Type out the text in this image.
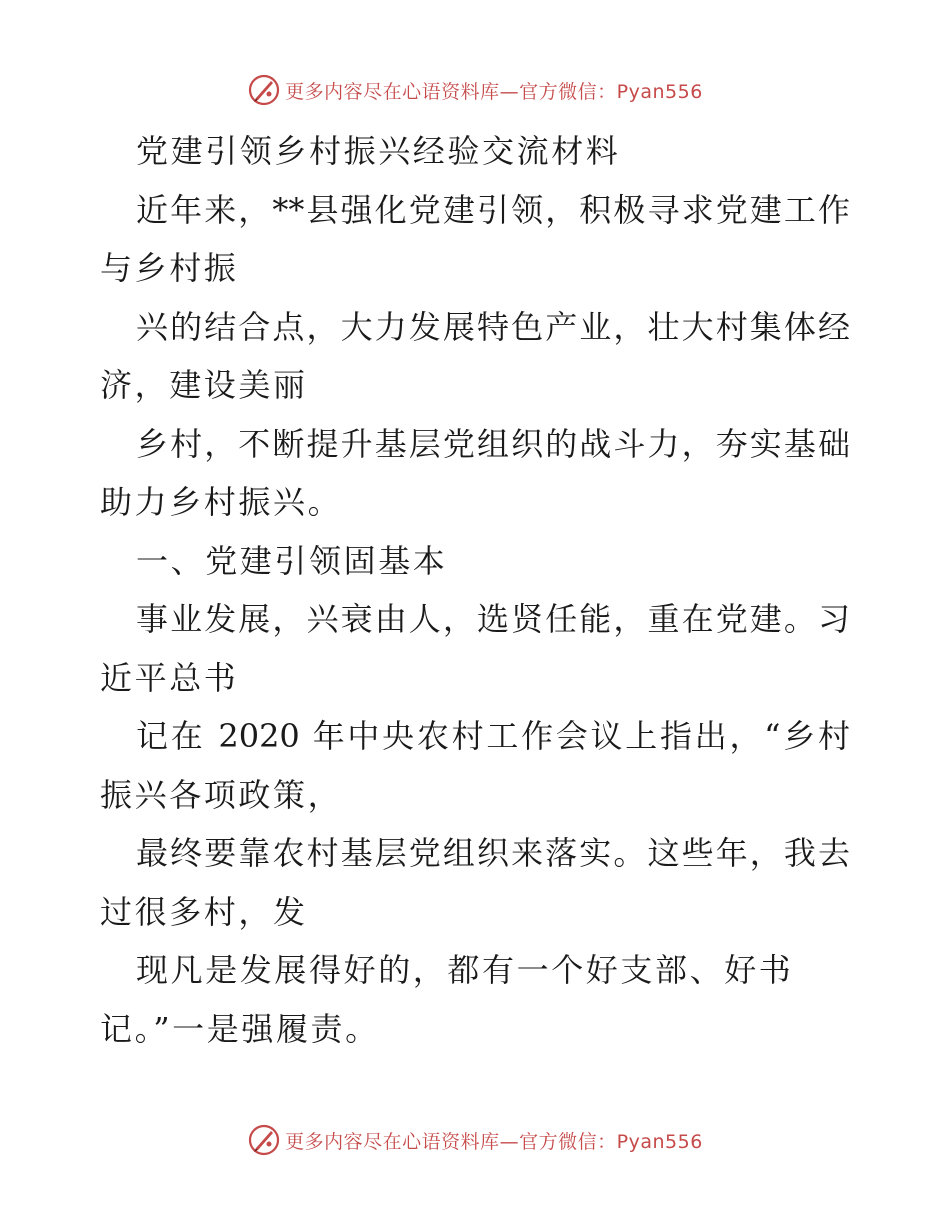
更多内容尽在心语资料库—官方微信：Pyan556
党建引领乡村振兴经验交流材料
近年来，**县强化党建引领，积极寻求党建工作
与乡村振
兴的结合点，大力发展特色产业，壮大村集体经
济，建设美丽
乡村，不断提升基层党组织的战斗力，夯实基础
助力乡村振兴。
一、党建引领固基本
事业发展，兴衰由人，选贤任能，重在党建。习
近平总书
记在 2020 年中央农村工作会议上指出，“乡村
振兴各项政策，
最终要靠农村基层党组织来落实。这些年，我去
过很多村，发
现凡是发展得好的，都有一个好支部、好书
记。”一是强履责。
更多内容尽在心语资料库—官方微信：Pyan556
